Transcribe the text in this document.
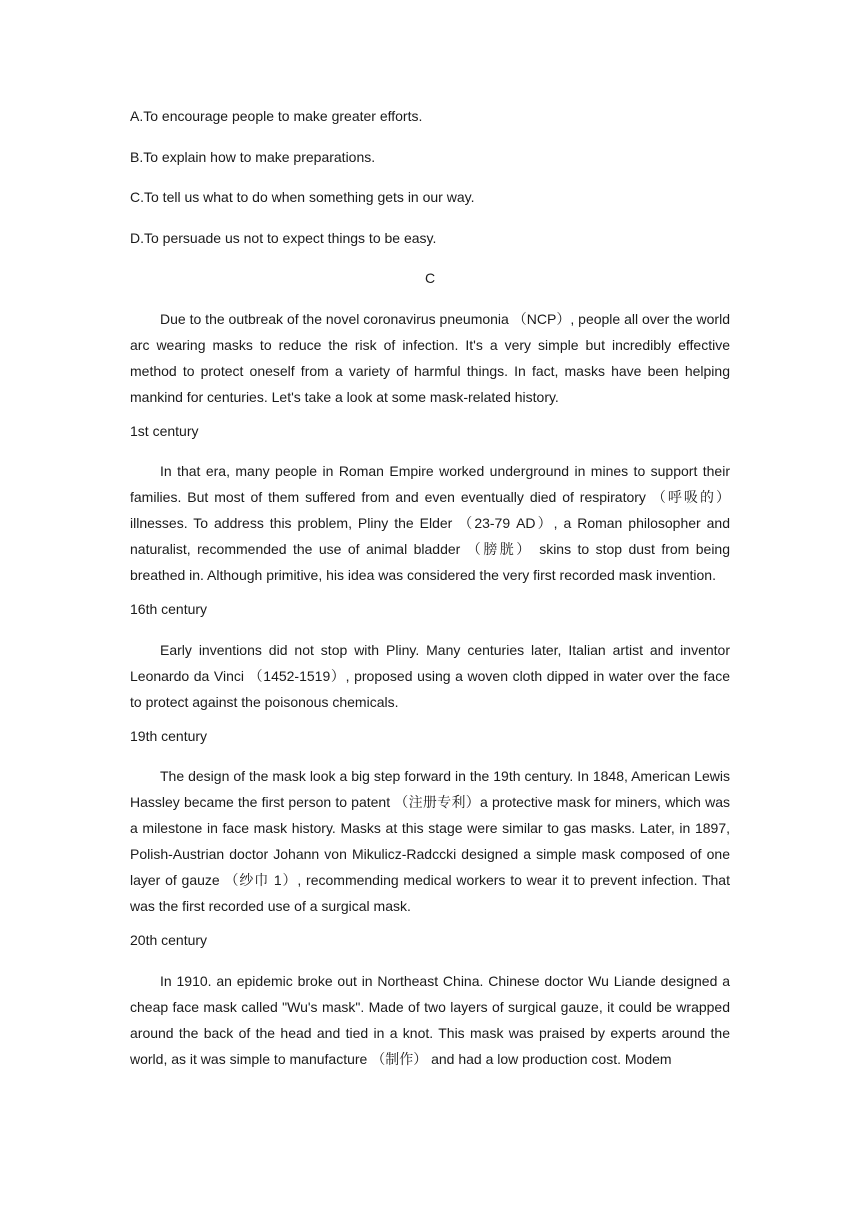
A.To encourage people to make greater efforts.
B.To explain how to make preparations.
C.To tell us what to do when something gets in our way.
D.To persuade us not to expect things to be easy.
C

Due to the outbreak of the novel coronavirus pneumonia （NCP）, people all over the world arc wearing masks to reduce the risk of infection. It's a very simple but incredibly effective method to protect oneself from a variety of harmful things. In fact, masks have been helping mankind for centuries. Let's take a look at some mask-related history.

1st century

In that era, many people in Roman Empire worked underground in mines to support their families. But most of them suffered from and even eventually died of respiratory （呼吸的） illnesses. To address this problem, Pliny the Elder （23-79 AD）, a Roman philosopher and naturalist, recommended the use of animal bladder （膀胱） skins to stop dust from being breathed in. Although primitive, his idea was considered the very first recorded mask invention.

16th century

Early inventions did not stop with Pliny. Many centuries later, Italian artist and inventor Leonardo da Vinci （1452-1519）, proposed using a woven cloth dipped in water over the face to protect against the poisonous chemicals.

19th century

The design of the mask look a big step forward in the 19th century. In 1848, American Lewis Hassley became the first person to patent （注册专利）a protective mask for miners, which was a milestone in face mask history. Masks at this stage were similar to gas masks. Later, in 1897, Polish-Austrian doctor Johann von Mikulicz-Radccki designed a simple mask composed of one layer of gauze （纱巾 1）, recommending medical workers to wear it to prevent infection. That was the first recorded use of a surgical mask.

20th century

In 1910. an epidemic broke out in Northeast China. Chinese doctor Wu Liande designed a cheap face mask called "Wu's mask". Made of two layers of surgical gauze, it could be wrapped around the back of the head and tied in a knot. This mask was praised by experts around the world, as it was simple to manufacture （制作） and had a low production cost. Modem
